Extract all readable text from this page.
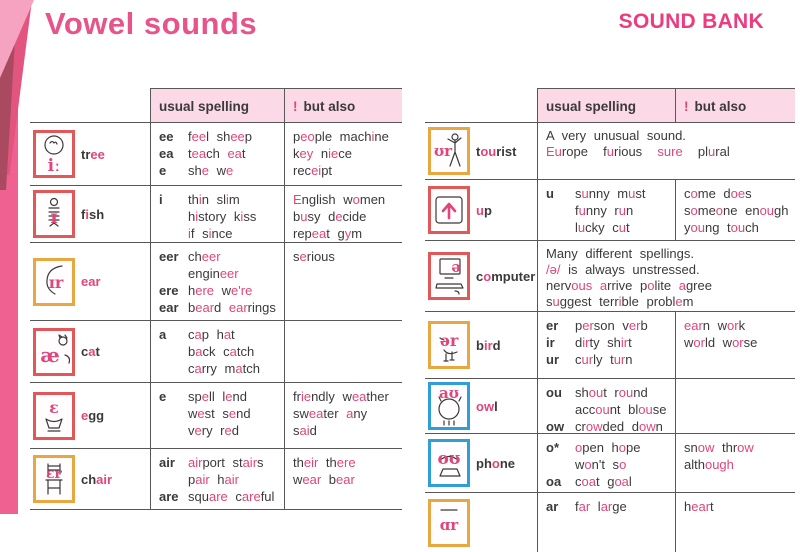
Vowel sounds	SOUND BANK
usual spelling	! but also
iː
tree
ee	feel sheep
ea	teach eat
e	she we
people machine
key niece
receipt
ɪ fish
i	thin slim
history kiss
if since
English women
busy decide
repeat gym
ɪr ear
eer cheer
engineer
ere here we're
ear beard earrings
serious
æ cat
a	cap hat
back catch
carry match
ɛ egg
e	spell lend
west send
very red
friendly weather
sweater any
said
ɛr chair
air	airport stairs
pair hair
are square careful
their there
wear bear
usual spelling	! but also
ʊr tourist
A very unusual sound.
Europe  furious  sure  plural
up
u	sunny must
funny run
lucky cut
come does
someone enough
young touch
ə computer
Many different spellings.
/ə/ is always unstressed.
nervous arrive polite agree
suggest terrible problem
ər bird
er	person verb
ir	dirty shirt
ur	curly turn
earn work
world worse
aʊ
owl
ou	shout round
account blouse
ow crowded down
oʊ phone
o*	open hope
won't so
oa	coat goal
snow throw
although
ɑr
ar	far large	heart
